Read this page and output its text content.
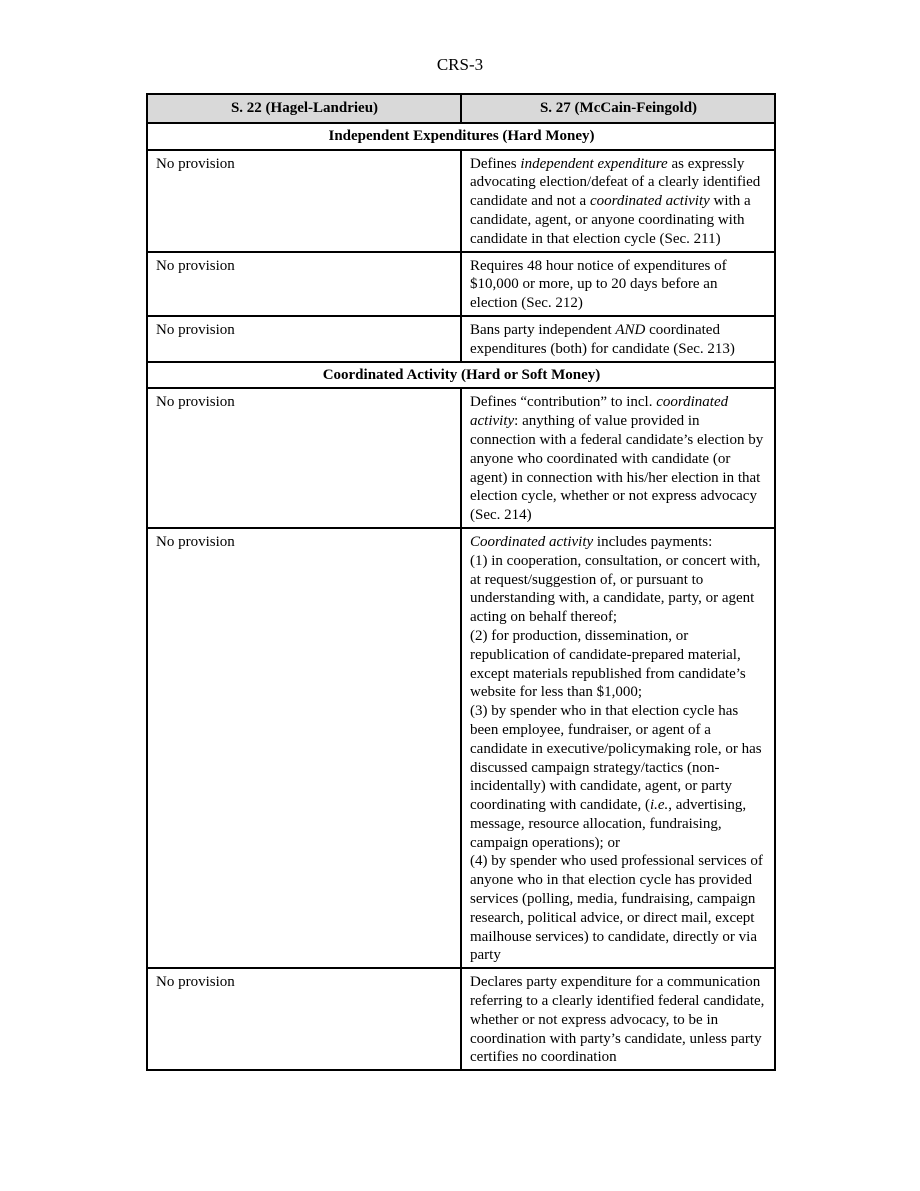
CRS-3
S. 22 (Hagel-Landrieu)	S. 27 (McCain-Feingold)
Independent Expenditures (Hard Money)	
No provision	Defines independent expenditure as expressly advocating election/defeat of a clearly identified candidate and not a coordinated activity with a candidate, agent, or anyone coordinating with candidate in that election cycle (Sec. 211)
No provision	Requires 48 hour notice of expenditures of $10,000 or more, up to 20 days before an election (Sec. 212)
No provision	Bans party independent AND coordinated expenditures (both) for candidate (Sec. 213)
Coordinated Activity (Hard or Soft Money)	
No provision	Defines “contribution” to incl. coordinated activity: anything of value provided in connection with a federal candidate’s election by anyone who coordinated with candidate (or agent) in connection with his/her election in that election cycle, whether or not express advocacy (Sec. 214)
No provision	Coordinated activity includes payments:
(1) in cooperation, consultation, or concert with, at request/suggestion of, or pursuant to understanding with, a candidate, party, or agent acting on behalf thereof;
(2) for production, dissemination, or republication of candidate-prepared material, except materials republished from candidate’s website for less than $1,000;
(3) by spender who in that election cycle has been employee, fundraiser, or agent of a candidate in executive/policymaking role, or has discussed campaign strategy/tactics (non-incidentally) with candidate, agent, or party coordinating with candidate, (i.e., advertising, message, resource allocation, fundraising, campaign operations); or
(4) by spender who used professional services of anyone who in that election cycle has provided services (polling, media, fundraising, campaign research, political advice, or direct mail, except mailhouse services) to candidate, directly or via party
No provision	Declares party expenditure for a communication referring to a clearly identified federal candidate, whether or not express advocacy, to be in coordination with party’s candidate, unless party certifies no coordination
